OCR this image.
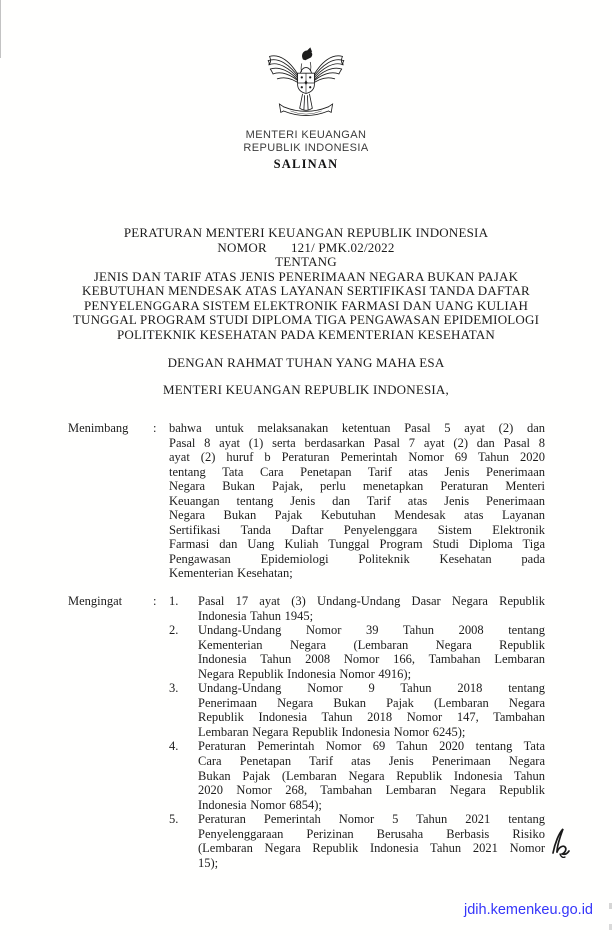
MENTERI KEUANGAN
REPUBLIK INDONESIA
SALINAN
PERATURAN MENTERI KEUANGAN REPUBLIK INDONESIA
NOMOR       121/ PMK.02/2022
TENTANG
JENIS DAN TARIF ATAS JENIS PENERIMAAN NEGARA BUKAN PAJAK
KEBUTUHAN MENDESAK ATAS LAYANAN SERTIFIKASI TANDA DAFTAR
PENYELENGGARA SISTEM ELEKTRONIK FARMASI DAN UANG KULIAH
TUNGGAL PROGRAM STUDI DIPLOMA TIGA PENGAWASAN EPIDEMIOLOGI
POLITEKNIK KESEHATAN PADA KEMENTERIAN KESEHATAN
DENGAN RAHMAT TUHAN YANG MAHA ESA
MENTERI KEUANGAN REPUBLIK INDONESIA,
Menimbang	:	bahwa untuk melaksanakan ketentuan Pasal 5 ayat (2) dan
Pasal 8 ayat (1) serta berdasarkan Pasal 7 ayat (2) dan Pasal 8
ayat (2) huruf b Peraturan Pemerintah Nomor 69 Tahun 2020
tentang Tata Cara Penetapan Tarif atas Jenis Penerimaan
Negara Bukan Pajak, perlu menetapkan Peraturan Menteri
Keuangan tentang Jenis dan Tarif atas Jenis Penerimaan
Negara Bukan Pajak Kebutuhan Mendesak atas Layanan
Sertifikasi Tanda Daftar Penyelenggara Sistem Elektronik
Farmasi dan Uang Kuliah Tunggal Program Studi Diploma Tiga
Pengawasan Epidemiologi Politeknik Kesehatan pada
Kementerian Kesehatan;
Mengingat	:	1.	Pasal 17 ayat (3) Undang-Undang Dasar Negara Republik
Indonesia Tahun 1945;
2.	Undang-Undang Nomor 39 Tahun 2008 tentang
Kementerian Negara (Lembaran Negara Republik
Indonesia Tahun 2008 Nomor 166, Tambahan Lembaran
Negara Republik Indonesia Nomor 4916);
3.	Undang-Undang Nomor 9 Tahun 2018 tentang
Penerimaan Negara Bukan Pajak (Lembaran Negara
Republik Indonesia Tahun 2018 Nomor 147, Tambahan
Lembaran Negara Republik Indonesia Nomor 6245);
4.	Peraturan Pemerintah Nomor 69 Tahun 2020 tentang Tata
Cara Penetapan Tarif atas Jenis Penerimaan Negara
Bukan Pajak (Lembaran Negara Republik Indonesia Tahun
2020 Nomor 268, Tambahan Lembaran Negara Republik
Indonesia Nomor 6854);
5.	Peraturan Pemerintah Nomor 5 Tahun 2021 tentang
Penyelenggaraan Perizinan Berusaha Berbasis Risiko
(Lembaran Negara Republik Indonesia Tahun 2021 Nomor
15);
jdih.kemenkeu.go.id
